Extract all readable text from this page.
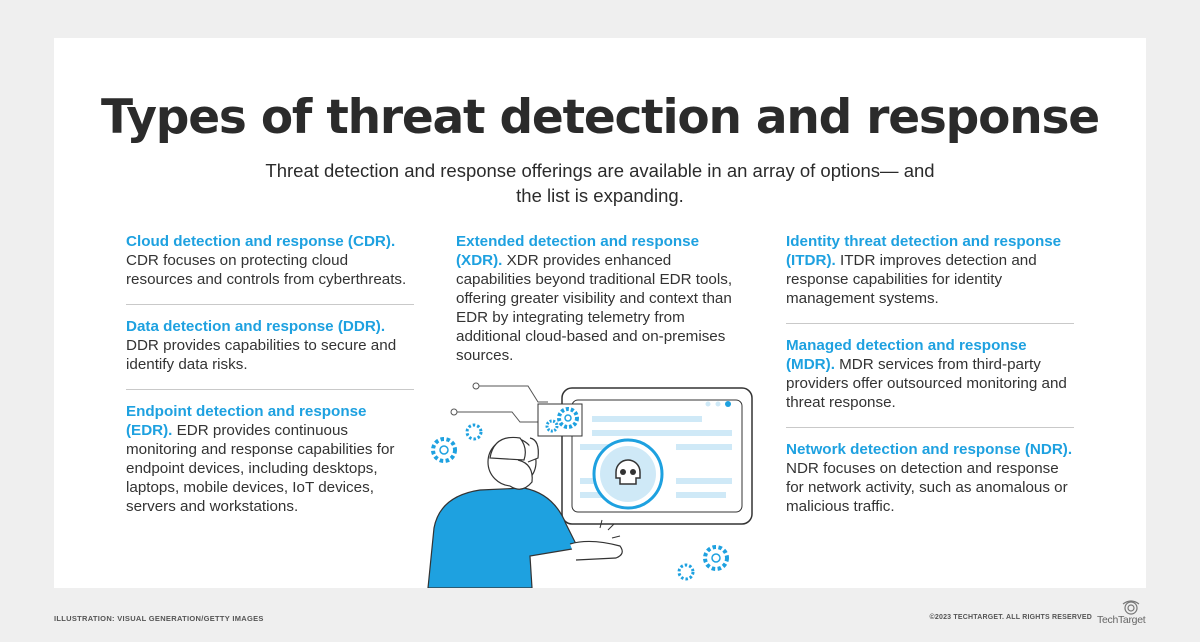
Types of threat detection and response

Threat detection and response offerings are available in an array of options— and the list is expanding.

Cloud detection and response (CDR). CDR focuses on protecting cloud resources and controls from cyberthreats.
Data detection and response (DDR). DDR provides capabilities to secure and identify data risks.
Endpoint detection and response (EDR). EDR provides continuous monitoring and response capabilities for endpoint devices, including desktops, laptops, mobile devices, IoT devices, servers and workstations.
Extended detection and response (XDR). XDR provides enhanced capabilities beyond traditional EDR tools, offering greater visibility and context than EDR by integrating telemetry from additional cloud-based and on-premises sources.
Identity threat detection and response (ITDR). ITDR improves detection and response capabilities for identity management systems.
Managed detection and response (MDR). MDR services from third-party providers offer outsourced monitoring and threat response.
Network detection and response (NDR). NDR focuses on detection and response for network activity, such as anomalous or malicious traffic.
ILLUSTRATION: VISUAL GENERATION/GETTY IMAGES	©2023 TECHTARGET. ALL RIGHTS RESERVED TechTarget
